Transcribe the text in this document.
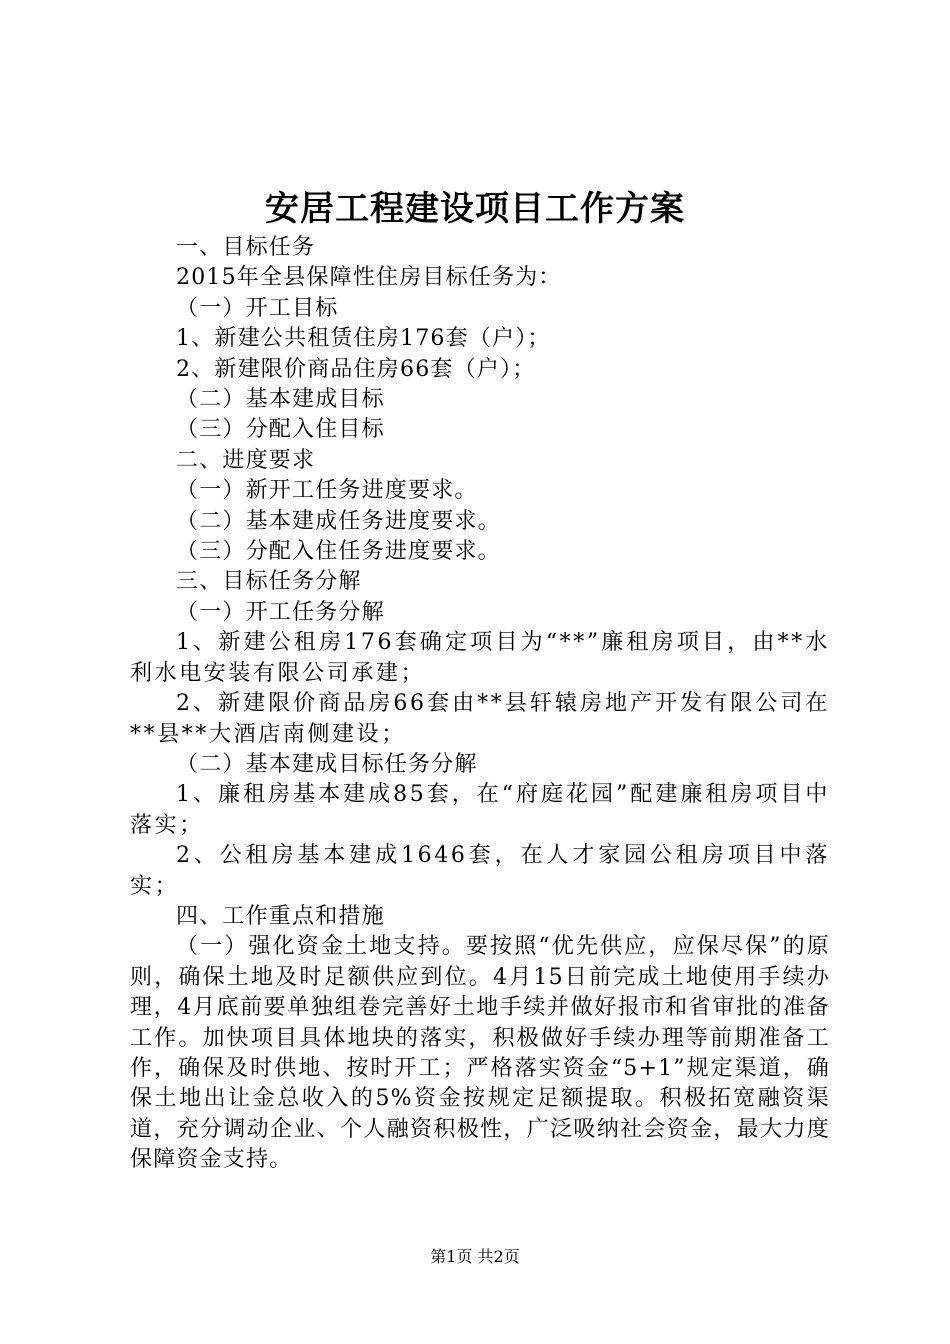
安居工程建设项目工作方案
一、目标任务
2015年全县保障性住房目标任务为：
（一）开工目标
1、新建公共租赁住房176套（户）；
2、新建限价商品住房66套（户）；
（二）基本建成目标
（三）分配入住目标
二、进度要求
（一）新开工任务进度要求。
（二）基本建成任务进度要求。
（三）分配入住任务进度要求。
三、目标任务分解
（一）开工任务分解
1、新建公租房176套确定项目为“**”廉租房项目，由**水利水电安装有限公司承建；
2、新建限价商品房66套由**县轩辕房地产开发有限公司在**县**大酒店南侧建设；
（二）基本建成目标任务分解
1、廉租房基本建成85套，在“府庭花园”配建廉租房项目中落实；
2、公租房基本建成1646套，在人才家园公租房项目中落实；
四、工作重点和措施
（一）强化资金土地支持。要按照“优先供应，应保尽保”的原则，确保土地及时足额供应到位。4月15日前完成土地使用手续办理，4月底前要单独组卷完善好土地手续并做好报市和省审批的准备工作。加快项目具体地块的落实，积极做好手续办理等前期准备工作，确保及时供地、按时开工；严格落实资金“5+1”规定渠道，确保土地出让金总收入的5%资金按规定足额提取。积极拓宽融资渠道，充分调动企业、个人融资积极性，广泛吸纳社会资金，最大力度保障资金支持。
第1页 共2页
